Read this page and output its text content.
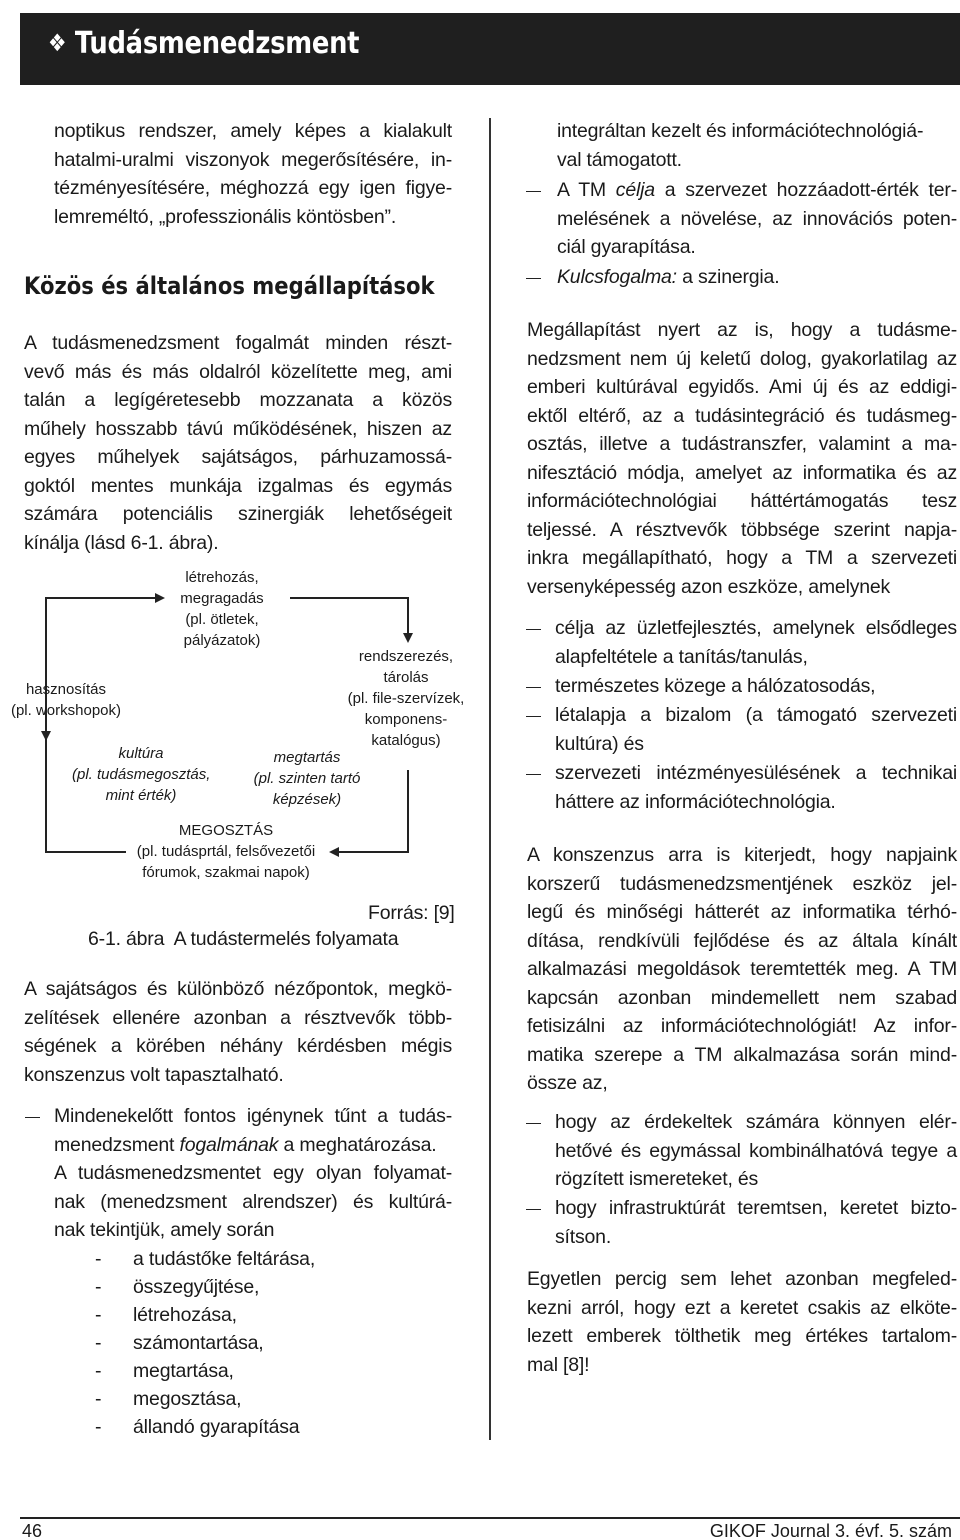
❖ Tudásmenedzsment
noptikus rendszer, amely képes a kialakult
hatalmi-uralmi viszonyok megerősítésére, in-
tézményesítésére, méghozzá egy igen figye-
lemreméltó, „professzionális köntösben”.
Közös és általános megállapítások
A tudásmenedzsment fogalmát minden részt-
vevő más és más oldalról közelítette meg, ami
talán a legígéretesebb mozzanata a közös
műhely hosszabb távú működésének, hiszen az
egyes műhelyek sajátságos, párhuzamossá-
goktól mentes munkája izgalmas és egymás
számára potenciális szinergiák lehetőségeit
kínálja (lásd 6-1. ábra).
létrehozás,
megragadás
(pl. ötletek,
pályázatok)
rendszerezés,
tárolás
(pl. file-szervízek,
komponens-
katalógus)
hasznosítás
(pl. workshopok)
kultúra
(pl. tudásmegosztás,
mint érték)
megtartás
(pl. szinten tartó
képzések)
MEGOSZTÁS
(pl. tudásprtál, felsővezetői
fórumok, szakmai napok)
Forrás: [9]
6-1. ábra  A tudástermelés folyamata
A sajátságos és különböző nézőpontok, megkö-
zelítések ellenére azonban a résztvevők több-
ségének a körében néhány kérdésben mégis
konszenzus volt tapasztalható.
Mindenekelőtt fontos igénynek tűnt a tudás-
menedzsment fogalmának a meghatározása.
A tudásmenedzsmentet egy olyan folyamat-
nak (menedzsment alrendszer) és kultúrá-
nak tekintjük, amely során
- a tudástőke feltárása,
- összegyűjtése,
- létrehozása,
- számontartása,
- megtartása,
- megosztása,
- állandó gyarapítása
integráltan kezelt és információtechnológiá-
val támogatott.
A TM célja a szervezet hozzáadott-érték ter-
melésének a növelése, az innovációs poten-
ciál gyarapítása.
Kulcsfogalma: a szinergia.
Megállapítást nyert az is, hogy a tudásme-
nedzsment nem új keletű dolog, gyakorlatilag az
emberi kultúrával egyidős. Ami új és az eddigi-
ektől eltérő, az a tudásintegráció és tudásmeg-
osztás, illetve a tudástranszfer, valamint a ma-
nifesztáció módja, amelyet az informatika és az
információtechnológiai háttértámogatás tesz
teljessé. A résztvevők többsége szerint napja-
inkra megállapítható, hogy a TM a szervezeti
versenyképesség azon eszköze, amelynek
célja az üzletfejlesztés, amelynek elsődleges
alapfeltétele a tanítás/tanulás,
természetes közege a hálózatosodás,
létalapja a bizalom (a támogató szervezeti
kultúra) és
szervezeti intézményesülésének a technikai
háttere az információtechnológia.
A konszenzus arra is kiterjedt, hogy napjaink
korszerű tudásmenedzsmentjének eszköz jel-
legű és minőségi hátterét az informatika térhó-
dítása, rendkívüli fejlődése és az általa kínált
alkalmazási megoldások teremtették meg. A TM
kapcsán azonban mindemellett nem szabad
fetisizálni az információtechnológiát! Az infor-
matika szerepe a TM alkalmazása során mind-
össze az,
hogy az érdekeltek számára könnyen elér-
hetővé és egymással kombinálhatóvá tegye a
rögzített ismereteket, és
hogy infrastruktúrát teremtsen, keretet bizto-
sítson.
Egyetlen percig sem lehet azonban megfeled-
kezni arról, hogy ezt a keretet csakis az elköte-
lezett emberek tölthetik meg értékes tartalom-
mal [8]!
46	GIKOF Journal 3. évf. 5. szám
